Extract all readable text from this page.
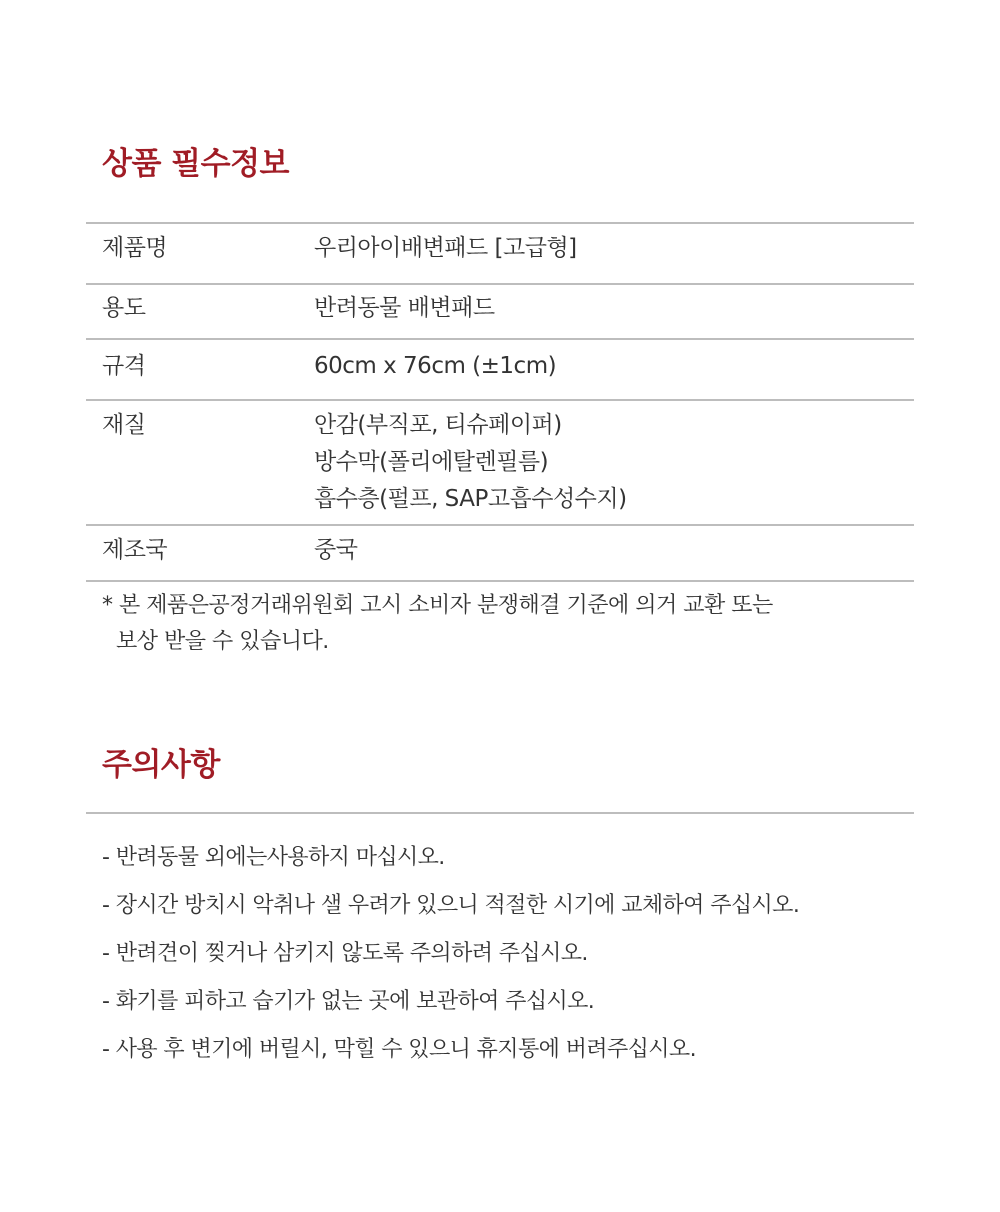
상품 필수정보
제품명	우리아이배변패드 [고급형]

용도	반려동물 배변패드

규격	60cm x 76cm (±1cm)

재질	안감(부직포, 티슈페이퍼)
방수막(폴리에탈렌필름)
흡수층(펄프, SAP고흡수성수지)

제조국	중국
* 본 제품은공정거래위원회 고시 소비자 분쟁해결 기준에 의거 교환 또는
보상 받을 수 있습니다.
주의사항
- 반려동물 외에는사용하지 마십시오.
- 장시간 방치시 악취나 샐 우려가 있으니 적절한 시기에 교체하여 주십시오.
- 반려견이 찢거나 삼키지 않도록 주의하려 주십시오.
- 화기를 피하고 습기가 없는 곳에 보관하여 주십시오.
- 사용 후 변기에 버릴시, 막힐 수 있으니 휴지통에 버려주십시오.
